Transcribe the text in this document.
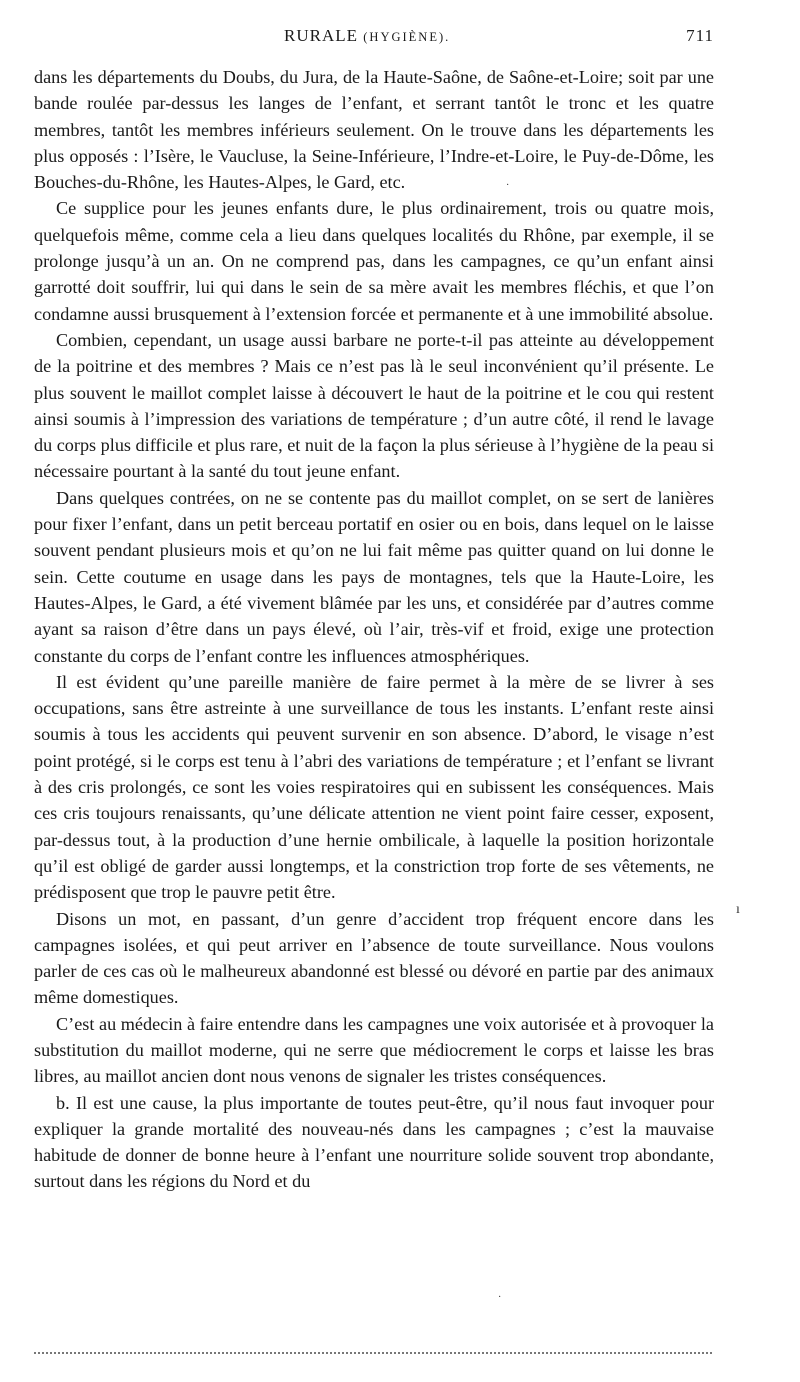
RURALE (HYGIÈNE).	711

dans les départements du Doubs, du Jura, de la Haute-Saône, de Saône-et-Loire; soit par une bande roulée par-dessus les langes de l’enfant, et serrant tantôt le tronc et les quatre membres, tantôt les membres inférieurs seulement. On le trouve dans les départements les plus opposés : l’Isère, le Vaucluse, la Seine-Inférieure, l’Indre-et-Loire, le Puy-de-Dôme, les Bouches-du-Rhône, les Hautes-Alpes, le Gard, etc.

Ce supplice pour les jeunes enfants dure, le plus ordinairement, trois ou quatre mois, quelquefois même, comme cela a lieu dans quelques localités du Rhône, par exemple, il se prolonge jusqu’à un an. On ne comprend pas, dans les campagnes, ce qu’un enfant ainsi garrotté doit souffrir, lui qui dans le sein de sa mère avait les membres fléchis, et que l’on condamne aussi brusquement à l’extension forcée et permanente et à une immobilité absolue.

Combien, cependant, un usage aussi barbare ne porte-t-il pas atteinte au développement de la poitrine et des membres ? Mais ce n’est pas là le seul inconvénient qu’il présente. Le plus souvent le maillot complet laisse à découvert le haut de la poitrine et le cou qui restent ainsi soumis à l’impression des variations de température ; d’un autre côté, il rend le lavage du corps plus difficile et plus rare, et nuit de la façon la plus sérieuse à l’hygiène de la peau si nécessaire pourtant à la santé du tout jeune enfant.

Dans quelques contrées, on ne se contente pas du maillot complet, on se sert de lanières pour fixer l’enfant, dans un petit berceau portatif en osier ou en bois, dans lequel on le laisse souvent pendant plusieurs mois et qu’on ne lui fait même pas quitter quand on lui donne le sein. Cette coutume en usage dans les pays de montagnes, tels que la Haute-Loire, les Hautes-Alpes, le Gard, a été vivement blâmée par les uns, et considérée par d’autres comme ayant sa raison d’être dans un pays élevé, où l’air, très-vif et froid, exige une protection constante du corps de l’enfant contre les influences atmosphériques.

Il est évident qu’une pareille manière de faire permet à la mère de se livrer à ses occupations, sans être astreinte à une surveillance de tous les instants. L’enfant reste ainsi soumis à tous les accidents qui peuvent survenir en son absence. D’abord, le visage n’est point protégé, si le corps est tenu à l’abri des variations de température ; et l’enfant se livrant à des cris prolongés, ce sont les voies respiratoires qui en subissent les conséquences. Mais ces cris toujours renaissants, qu’une délicate attention ne vient point faire cesser, exposent, par-dessus tout, à la production d’une hernie ombilicale, à laquelle la position horizontale qu’il est obligé de garder aussi longtemps, et la constriction trop forte de ses vêtements, ne prédisposent que trop le pauvre petit être.

Disons un mot, en passant, d’un genre d’accident trop fréquent encore dans les campagnes isolées, et qui peut arriver en l’absence de toute surveillance. Nous voulons parler de ces cas où le malheureux abandonné est blessé ou dévoré en partie par des animaux même domestiques.

C’est au médecin à faire entendre dans les campagnes une voix autorisée et à provoquer la substitution du maillot moderne, qui ne serre que médiocrement le corps et laisse les bras libres, au maillot ancien dont nous venons de signaler les tristes conséquences.

b. Il est une cause, la plus importante de toutes peut-être, qu’il nous faut invoquer pour expliquer la grande mortalité des nouveau-nés dans les campagnes ; c’est la mauvaise habitude de donner de bonne heure à l’enfant une nourriture solide souvent trop abondante, surtout dans les régions du Nord et du

·
ı
·
